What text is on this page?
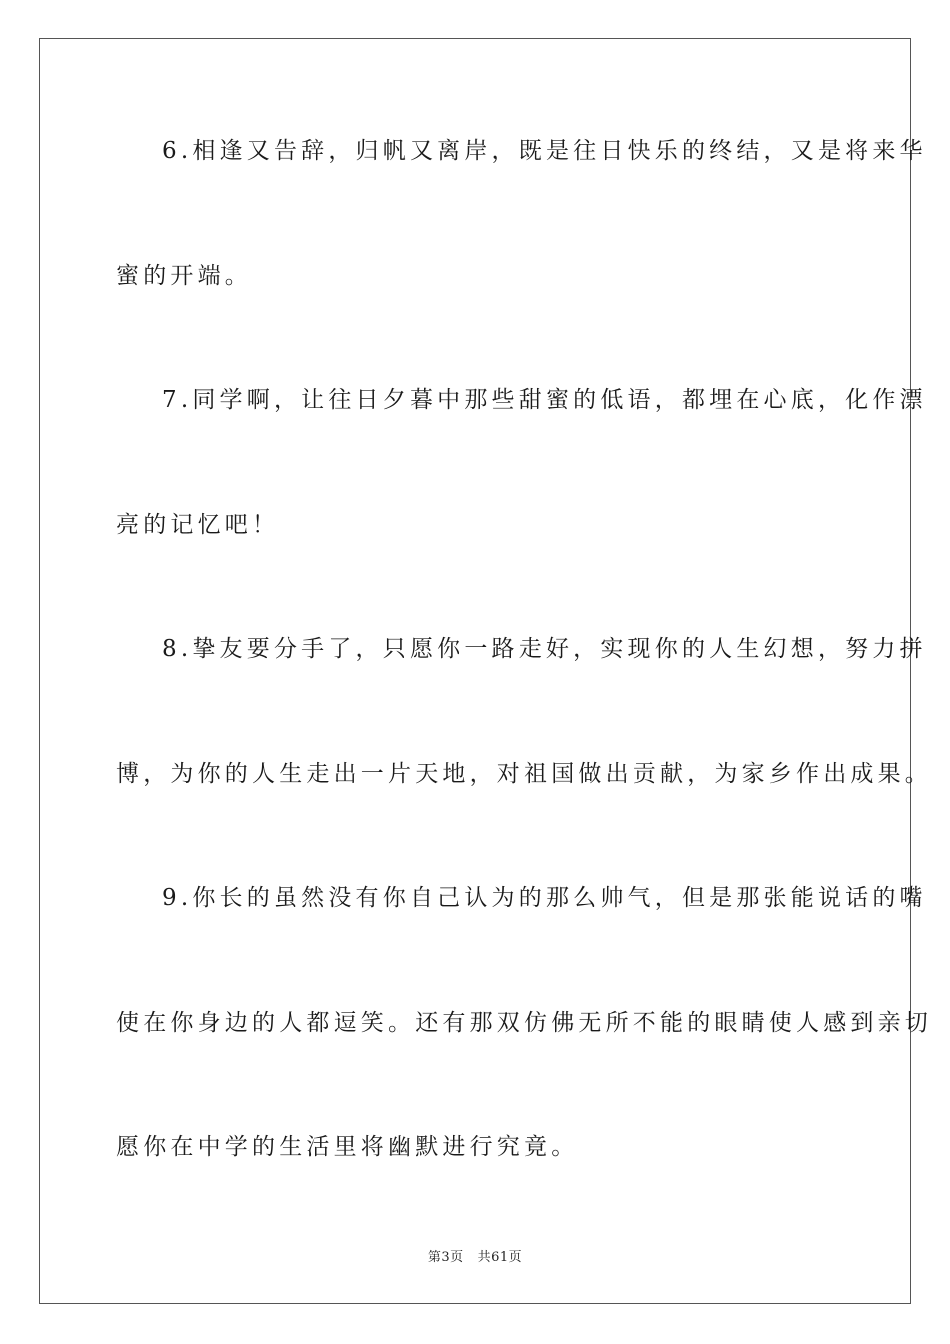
6.相逢又告辞，归帆又离岸，既是往日快乐的终结，又是将来华
蜜的开端。
7.同学啊，让往日夕暮中那些甜蜜的低语，都埋在心底，化作漂
亮的记忆吧！
8.挚友要分手了，只愿你一路走好，实现你的人生幻想，努力拼
博，为你的人生走出一片天地，对祖国做出贡献，为家乡作出成果。
9.你长的虽然没有你自己认为的那么帅气，但是那张能说话的嘴
使在你身边的人都逗笑。还有那双仿佛无所不能的眼睛使人感到亲切
愿你在中学的生活里将幽默进行究竟。
第3页 共61页
